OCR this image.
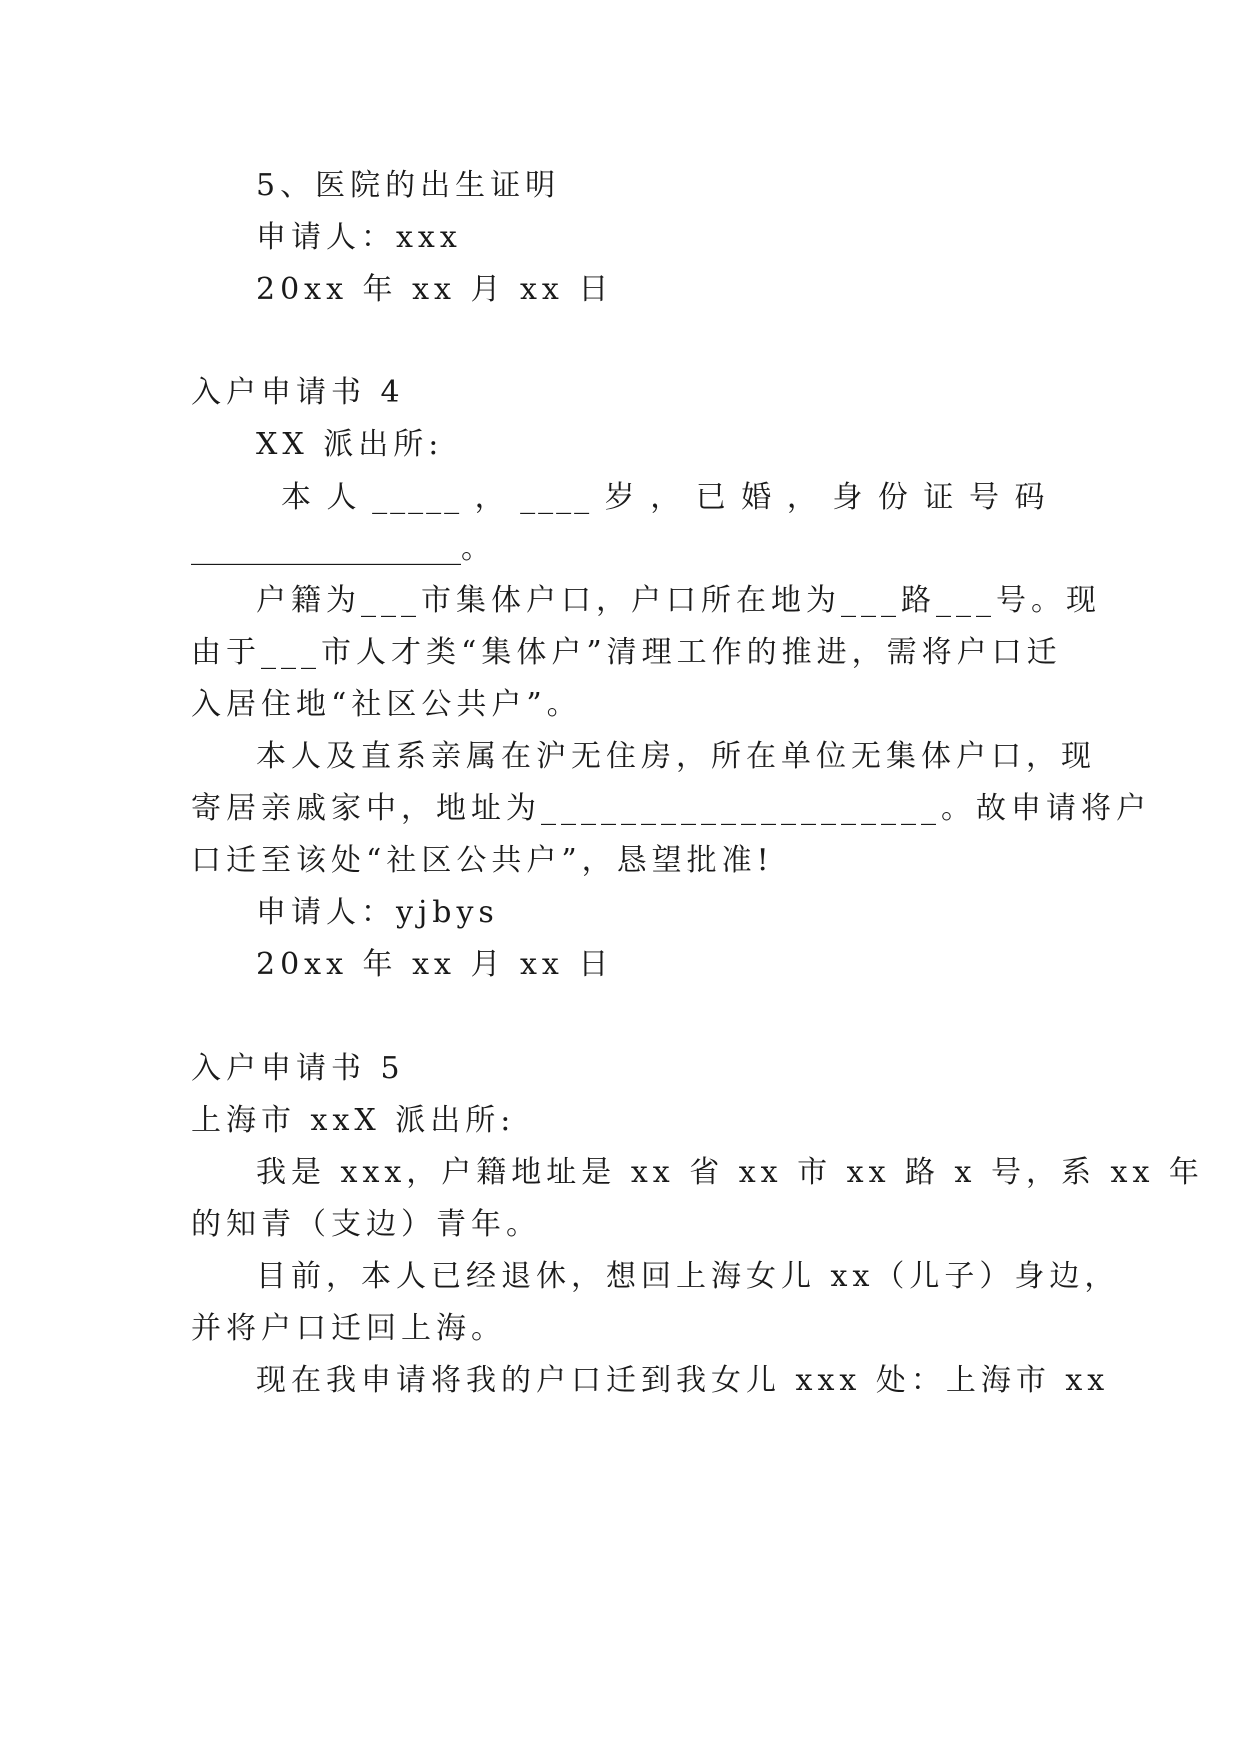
5、医院的出生证明
申请人：xxx
20xx 年 xx 月 xx 日
入户申请书 4
XX 派出所:
本 人 _____ ， ____ 岁 ， 已 婚 ， 身 份 证 号 码
__________________。
户籍为___市集体户口，户口所在地为___路___号。现
由于___市人才类“集体户”清理工作的推进，需将户口迁
入居住地“社区公共户”。
本人及直系亲属在沪无住房，所在单位无集体户口，现
寄居亲戚家中，地址为____________________。故申请将户
口迁至该处“社区公共户”，恳望批准!
申请人：yjbys
20xx 年 xx 月 xx 日
入户申请书 5
上海市 xxX 派出所:
我是 xxx，户籍地址是 xx 省 xx 市 xx 路 x 号，系 xx 年
的知青（支边）青年。
目前，本人已经退休，想回上海女儿 xx（儿子）身边，
并将户口迁回上海。
现在我申请将我的户口迁到我女儿 xxx 处：上海市 xx
